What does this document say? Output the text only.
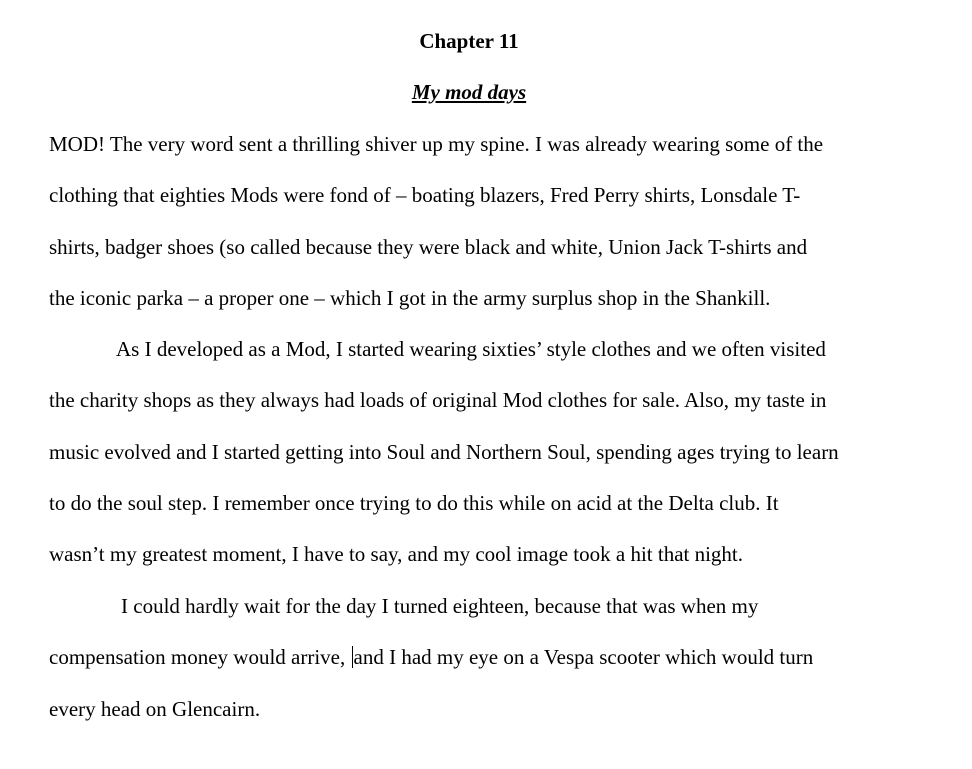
Chapter 11
My mod days
MOD! The very word sent a thrilling shiver up my spine. I was already wearing some of the
clothing that eighties Mods were fond of – boating blazers, Fred Perry shirts, Lonsdale T-
shirts, badger shoes (so called because they were black and white, Union Jack T-shirts and
the iconic parka – a proper one – which I got in the army surplus shop in the Shankill.
As I developed as a Mod, I started wearing sixties’ style clothes and we often visited
the charity shops as they always had loads of original Mod clothes for sale. Also, my taste in
music evolved and I started getting into Soul and Northern Soul, spending ages trying to learn
to do the soul step. I remember once trying to do this while on acid at the Delta club. It
wasn’t my greatest moment, I have to say, and my cool image took a hit that night.
I could hardly wait for the day I turned eighteen, because that was when my
compensation money would arrive, and I had my eye on a Vespa scooter which would turn
every head on Glencairn.
